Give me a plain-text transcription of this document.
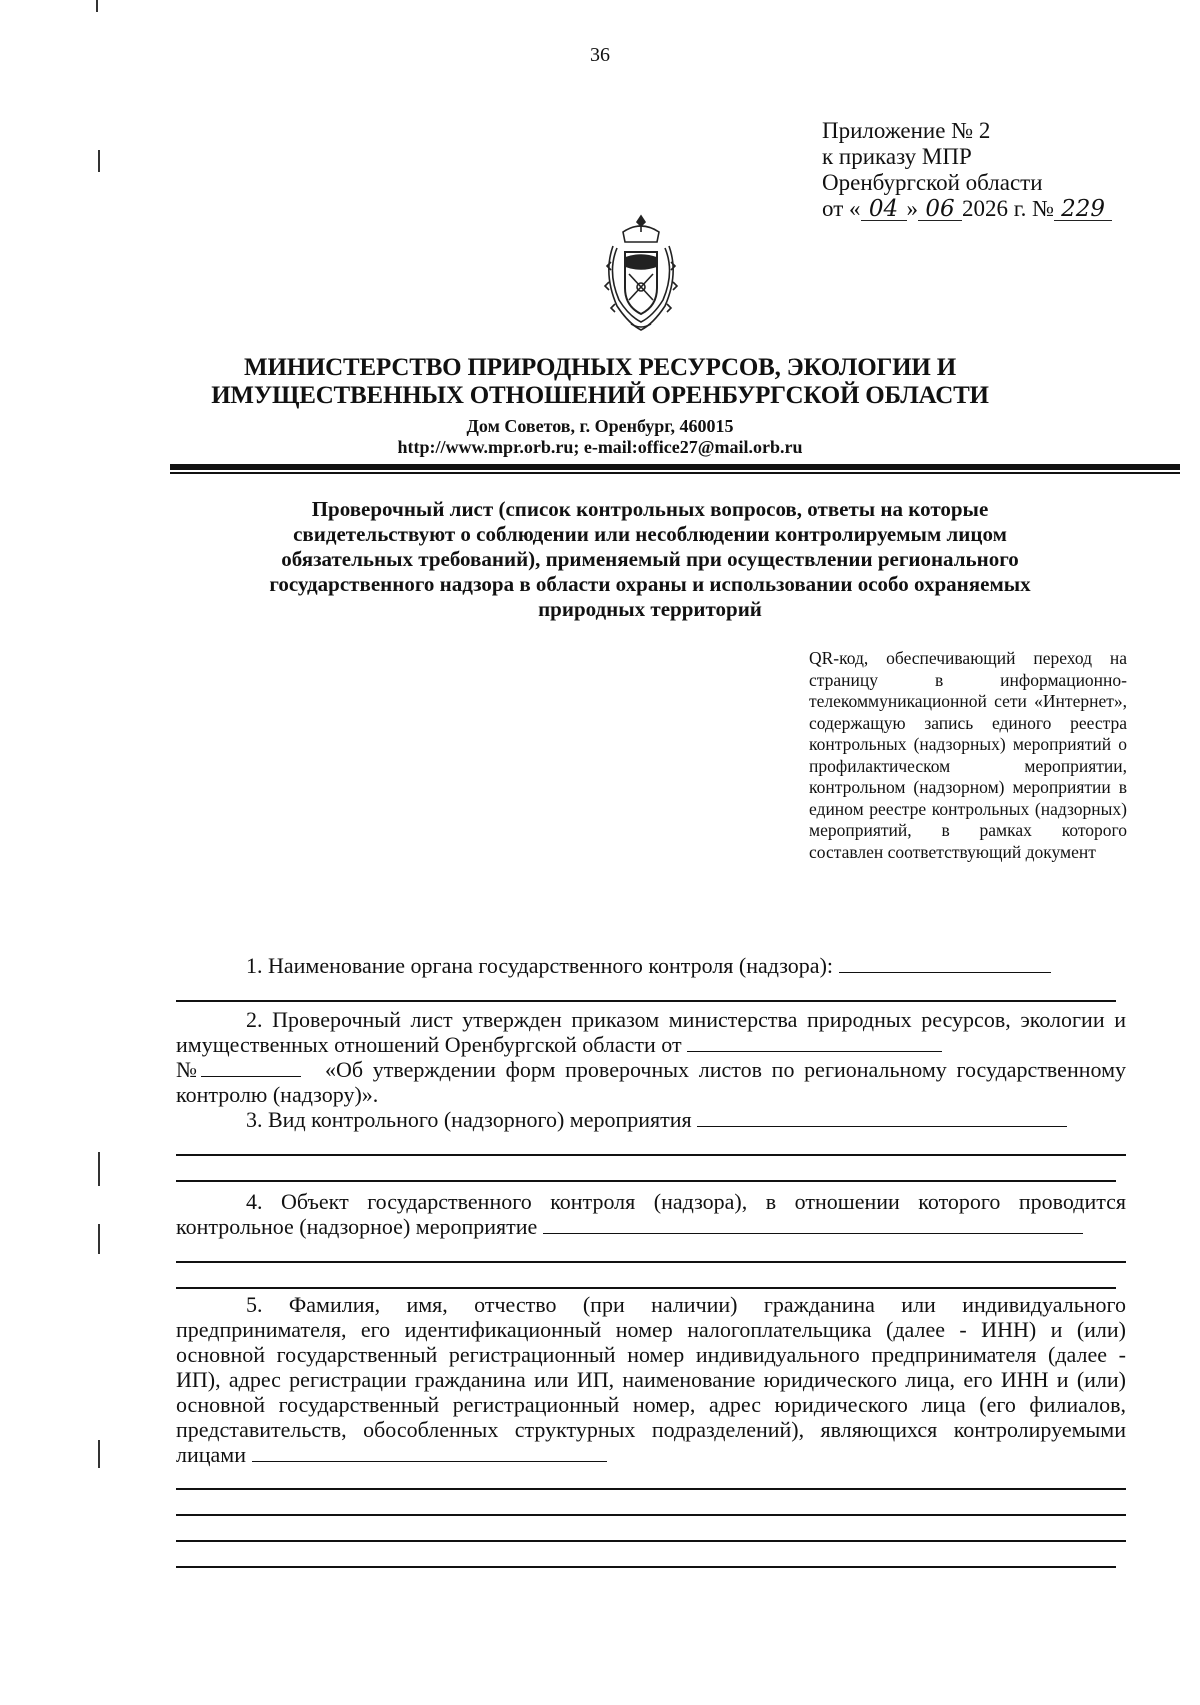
36
Приложение № 2
к приказу МПР
Оренбургской области
от « 04 » 06 2026 г. № 229
МИНИСТЕРСТВО ПРИРОДНЫХ РЕСУРСОВ, ЭКОЛОГИИ И
ИМУЩЕСТВЕННЫХ ОТНОШЕНИЙ ОРЕНБУРГСКОЙ ОБЛАСТИ
Дом Советов, г. Оренбург, 460015
http://www.mpr.orb.ru; e-mail:office27@mail.orb.ru
Проверочный лист (список контрольных вопросов, ответы на которые
свидетельствуют о соблюдении или несоблюдении контролируемым лицом
обязательных требований), применяемый при осуществлении регионального
государственного надзора в области охраны и использовании особо охраняемых
природных территорий
QR-код, обеспечивающий переход на страницу в информационно-телекоммуникационной сети «Интернет», содержащую запись единого реестра контрольных (надзорных) мероприятий о профилактическом мероприятии, контрольном (надзорном) мероприятии в едином реестре контрольных (надзорных) мероприятий, в рамках которого составлен соответствующий документ
1. Наименование органа государственного контроля (надзора):
2. Проверочный лист утвержден приказом министерства природных ресурсов, экологии и имущественных отношений Оренбургской области от
№	«Об утверждении форм проверочных листов по региональному государственному контролю (надзору)».
3. Вид контрольного (надзорного) мероприятия
4. Объект государственного контроля (надзора), в отношении которого проводится
контрольное (надзорное) мероприятие
5. Фамилия, имя, отчество (при наличии) гражданина или индивидуального предпринимателя, его идентификационный номер налогоплательщика (далее - ИНН) и (или) основной государственный регистрационный номер индивидуального предпринимателя (далее - ИП), адрес регистрации гражданина или ИП, наименование юридического лица, его ИНН и (или) основной государственный регистрационный номер, адрес юридического лица (его филиалов, представительств, обособленных структурных подразделений), являющихся контролируемыми лицами
